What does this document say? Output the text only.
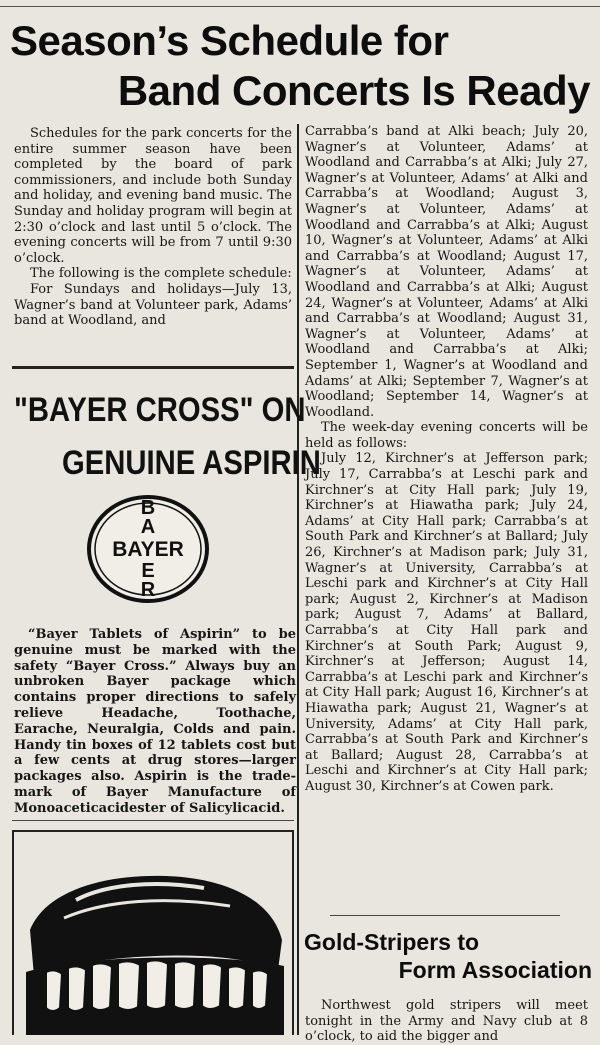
Season’s Schedule for
Band Concerts Is Ready

Schedules for the park concerts for the entire summer season have been completed by the board of park commissioners, and include both Sunday and holiday, and evening band music. The Sunday and holiday program will begin at 2:30 o’clock and last until 5 o’clock. The evening concerts will be from 7 until 9:30 o’clock.

The following is the complete schedule:

For Sundays and holidays—July 13, Wagner’s band at Volunteer park, Adams’ band at Woodland, and

"BAYER CROSS" ON
GENUINE ASPIRIN
B
A
E
R
BAYER

“Bayer Tablets of Aspirin” to be genuine must be marked with the safety “Bayer Cross.” Always buy an unbroken Bayer package which contains proper directions to safely relieve Headache, Toothache, Earache, Neuralgia, Colds and pain. Handy tin boxes of 12 tablets cost but a few cents at drug stores—larger packages also. Aspirin is the trade-mark of Bayer Manufacture of Monoaceticacidester of Salicylicacid.

Carrabba’s band at Alki beach; July 20, Wagner’s at Volunteer, Adams’ at Woodland and Carrabba’s at Alki; July 27, Wagner’s at Volunteer, Adams’ at Alki and Carrabba’s at Woodland; August 3, Wagner’s at Volunteer, Adams’ at Woodland and Carrabba’s at Alki; August 10, Wagner’s at Volunteer, Adams’ at Alki and Carrabba’s at Woodland; August 17, Wagner’s at Volunteer, Adams’ at Woodland and Carrabba’s at Alki; August 24, Wagner’s at Volunteer, Adams’ at Alki and Carrabba’s at Woodland; August 31, Wagner’s at Volunteer, Adams’ at Woodland and Carrabba’s at Alki; September 1, Wagner’s at Woodland and Adams’ at Alki; September 7, Wagner’s at Woodland; September 14, Wagner’s at Woodland.

The week-day evening concerts will be held as follows:

July 12, Kirchner’s at Jefferson park; July 17, Carrabba’s at Leschi park and Kirchner’s at City Hall park; July 19, Kirchner’s at Hiawatha park; July 24, Adams’ at City Hall park; Carrabba’s at South Park and Kirchner’s at Ballard; July 26, Kirchner’s at Madison park; July 31, Wagner’s at University, Carrabba’s at Leschi park and Kirchner’s at City Hall park; August 2, Kirchner’s at Madison park; August 7, Adams’ at Ballard, Carrabba’s at City Hall park and Kirchner’s at South Park; August 9, Kirchner’s at Jefferson; August 14, Carrabba’s at Leschi park and Kirchner’s at City Hall park; August 16, Kirchner’s at Hiawatha park; August 21, Wagner’s at University, Adams’ at City Hall park, Carrabba’s at South Park and Kirchner’s at Ballard; August 28, Carrabba’s at Leschi and Kirchner’s at City Hall park; August 30, Kirchner’s at Cowen park.

Gold-Stripers to
Form Association

Northwest gold stripers will meet tonight in the Army and Navy club at 8 o’clock, to aid the bigger and
